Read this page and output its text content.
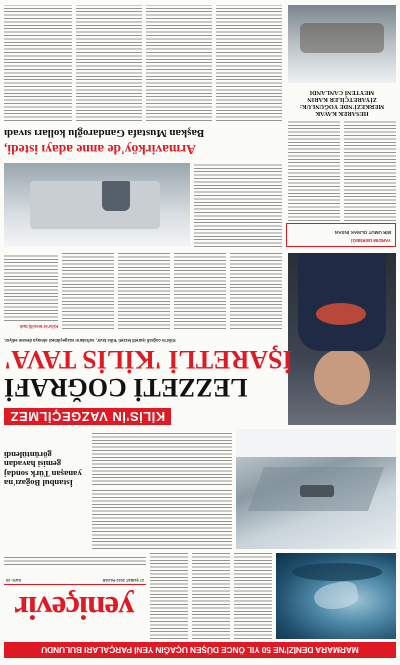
MARMARA DENİZİ'NE 50 YIL ÖNCE DÜŞEN UÇAĞIN YENİ PARÇALARI BULUNDU
yeniçevir
27 ŞUBAT 2022 PAZAR
SAYI: 20
İstanbul Boğazı'na
yanaşan Türk sondaj
gemisi havadan
görüntülendi
KİLİS'İN VAZGEÇİLMEZ
LEZZETİ COĞRAFİ
İŞARETLİ 'KİLİS TAVA'
Kilis'in coğrafi işaretli lezzeti 'Kilis tava', sofraların vazgeçilmezi olmaya devam ediyor.
Kilis'in tescilli tadı
YARDIM DERNEĞİ
BİR UMUT OLMAK İNSAN
HESAREK KAVAK
MERKEZİ'NDE YOĞUNLUK:
ZİYARETÇİLER KARIN
MEYTENİ CANLANDI
Armavirköy'de anne adayı istedi,
Başkan Mustafa Gandaroğlu kolları sıvadı
